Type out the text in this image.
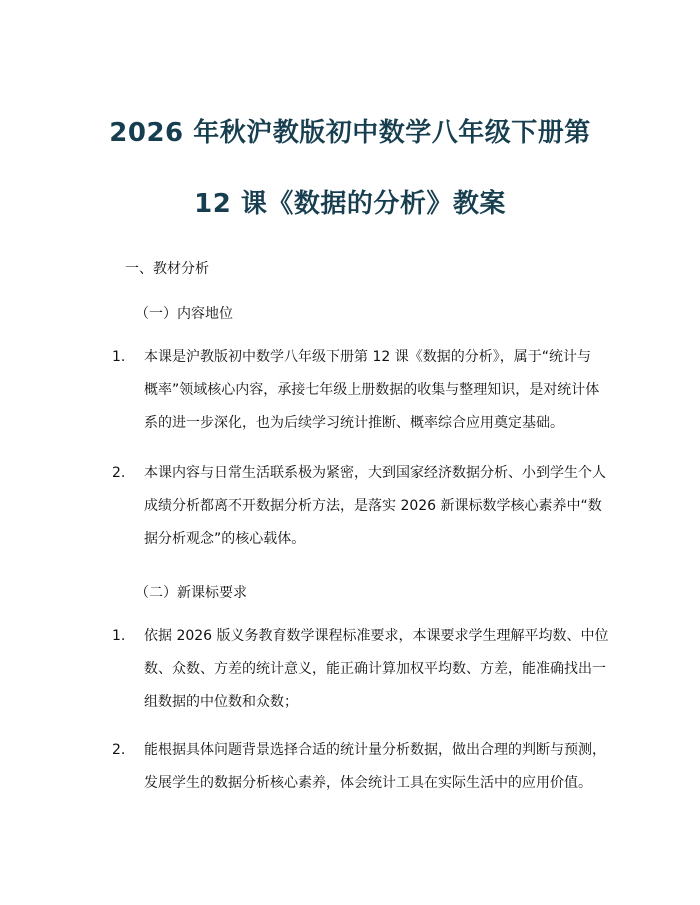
2026 年秋沪教版初中数学八年级下册第
12 课《数据的分析》教案
一、教材分析
（一）内容地位
1.	本课是沪教版初中数学八年级下册第 12 课《数据的分析》，属于“统计与
概率”领域核心内容，承接七年级上册数据的收集与整理知识，是对统计体
系的进一步深化，也为后续学习统计推断、概率综合应用奠定基础。
2.	本课内容与日常生活联系极为紧密，大到国家经济数据分析、小到学生个人
成绩分析都离不开数据分析方法，是落实 2026 新课标数学核心素养中“数
据分析观念”的核心载体。
（二）新课标要求
1.	依据 2026 版义务教育数学课程标准要求，本课要求学生理解平均数、中位
数、众数、方差的统计意义，能正确计算加权平均数、方差，能准确找出一
组数据的中位数和众数；
2.	能根据具体问题背景选择合适的统计量分析数据，做出合理的判断与预测，
发展学生的数据分析核心素养，体会统计工具在实际生活中的应用价值。
